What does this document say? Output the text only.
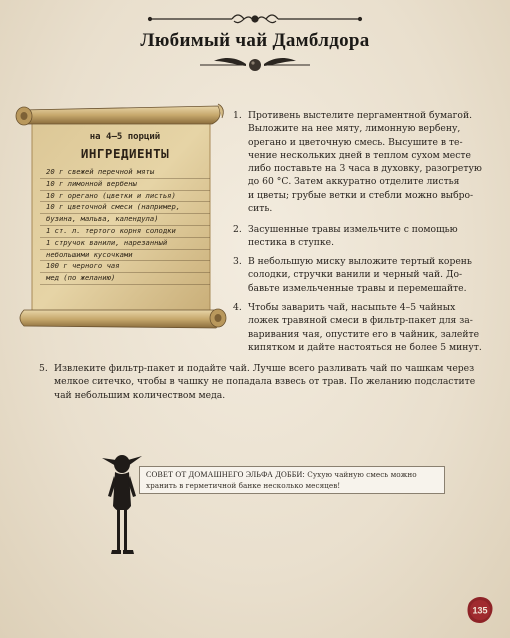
Любимый чай Дамблдора
на 4–5 порций
ИНГРЕДИЕНТЫ
20 г свежей перечной мяты
10 г лимонной вербены
10 г орегано (цветки и листья)
10 г цветочной смеси (например,
бузина, мальва, календула)
1 ст. л. тертого корня солодки
1 стручок ванили, нарезанный
небольшими кусочками
100 г черного чая
мед (по желанию)
1. Противень выстелите пергаментной бумагой.
Выложите на нее мяту, лимонную вербену,
орегано и цветочную смесь. Высушите в те-
чение нескольких дней в теплом сухом месте
либо поставьте на 3 часа в духовку, разогретую
до 60 °С. Затем аккуратно отделите листья
и цветы; грубые ветки и стебли можно выбро-
сить.
2. Засушенные травы измельчите с помощью
пестика в ступке.
3. В небольшую миску выложите тертый корень
солодки, стручки ванили и черный чай. До-
бавьте измельченные травы и перемешайте.
4. Чтобы заварить чай, насыпьте 4–5 чайных
ложек травяной смеси в фильтр-пакет для за-
варивания чая, опустите его в чайник, залейте
кипятком и дайте настояться не более 5 минут.
5. Извлеките фильтр-пакет и подайте чай. Лучше всего разливать чай по чашкам через
мелкое ситечко, чтобы в чашку не попадала взвесь от трав. По желанию подсластите
чай небольшим количеством меда.
СОВЕТ ОТ ДОМАШНЕГО ЭЛЬФА ДОББИ: Сухую чайную смесь можно
хранить в герметичной банке несколько месяцев!
135
